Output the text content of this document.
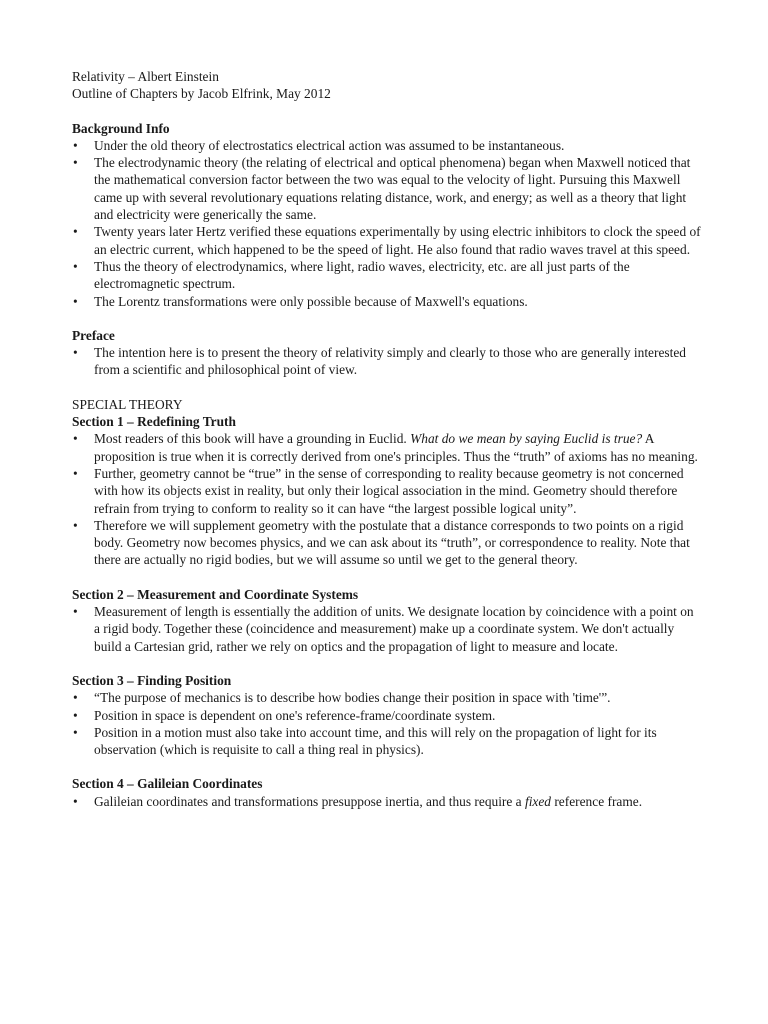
Relativity – Albert Einstein

Outline of Chapters by Jacob Elfrink, May 2012

Background Info

• Under the old theory of electrostatics electrical action was assumed to be instantaneous.
• The electrodynamic theory (the relating of electrical and optical phenomena) began when Maxwell noticed that the mathematical conversion factor between the two was equal to the velocity of light. Pursuing this Maxwell came up with several revolutionary equations relating distance, work, and energy; as well as a theory that light and electricity were generically the same.
• Twenty years later Hertz verified these equations experimentally by using electric inhibitors to clock the speed of an electric current, which happened to be the speed of light. He also found that radio waves travel at this speed.
• Thus the theory of electrodynamics, where light, radio waves, electricity, etc. are all just parts of the electromagnetic spectrum.
• The Lorentz transformations were only possible because of Maxwell's equations.

Preface

• The intention here is to present the theory of relativity simply and clearly to those who are generally interested from a scientific and philosophical point of view.

SPECIAL THEORY

Section 1 – Redefining Truth

• Most readers of this book will have a grounding in Euclid. What do we mean by saying Euclid is true? A proposition is true when it is correctly derived from one's principles. Thus the “truth” of axioms has no meaning.
• Further, geometry cannot be “true” in the sense of corresponding to reality because geometry is not concerned with how its objects exist in reality, but only their logical association in the mind. Geometry should therefore refrain from trying to conform to reality so it can have “the largest possible logical unity”.
• Therefore we will supplement geometry with the postulate that a distance corresponds to two points on a rigid body. Geometry now becomes physics, and we can ask about its “truth”, or correspondence to reality. Note that there are actually no rigid bodies, but we will assume so until we get to the general theory.

Section 2 – Measurement and Coordinate Systems

• Measurement of length is essentially the addition of units. We designate location by coincidence with a point on a rigid body. Together these (coincidence and measurement) make up a coordinate system. We don't actually build a Cartesian grid, rather we rely on optics and the propagation of light to measure and locate.

Section 3 – Finding Position

• “The purpose of mechanics is to describe how bodies change their position in space with 'time'”.
• Position in space is dependent on one's reference-frame/coordinate system.
• Position in a motion must also take into account time, and this will rely on the propagation of light for its observation (which is requisite to call a thing real in physics).

Section 4 – Galileian Coordinates

• Galileian coordinates and transformations presuppose inertia, and thus require a fixed reference frame.
